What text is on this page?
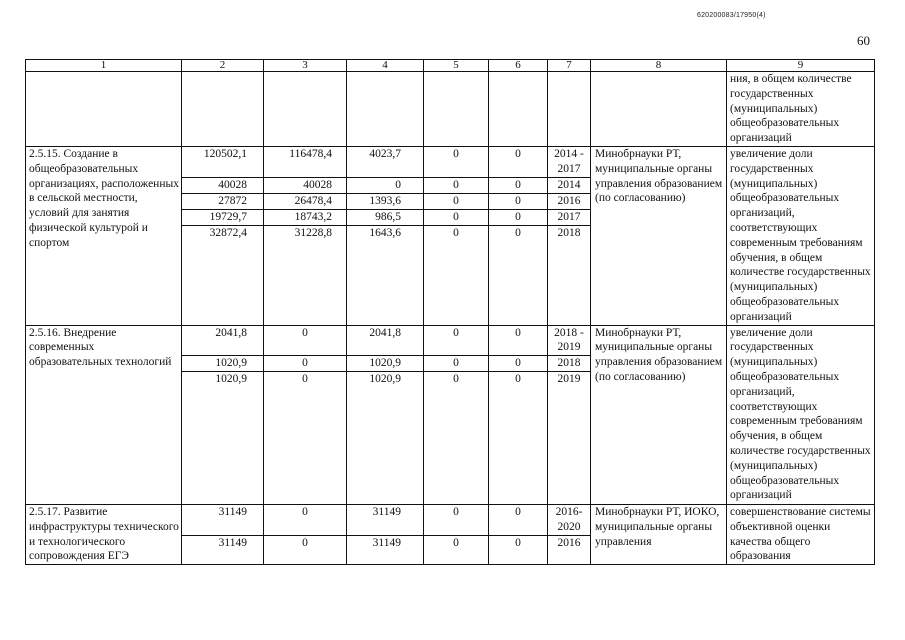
620200083/17950(4)
60
1	2	3	4	5	6	7	8	9
								ния, в общем количестве государственных (муниципальных) общеобразовательных организаций
2.5.15. Создание в общеобразовательных организациях, расположенных в сельской местности, условий для занятия физической культурой и спортом	120502,1	116478,4	4023,7	0	0	2014 - 2017	Минобрнауки РТ, муниципальные органы управления образованием (по согласованию)	увеличение доли государственных (муниципальных) общеобразовательных организаций, соответствующих современным требованиям обучения, в общем количестве государственных (муниципальных) общеобразовательных организаций
	40028	40028	0	0	0	2014		
	27872	26478,4	1393,6	0	0	2016		
	19729,7	18743,2	986,5	0	0	2017		
	32872,4	31228,8	1643,6	0	0	2018		
2.5.16. Внедрение современных образовательных технологий	2041,8	0	2041,8	0	0	2018 - 2019	Минобрнауки РТ, муниципальные органы управления образованием (по согласованию)	увеличение доли государственных (муниципальных) общеобразовательных организаций, соответствующих современным требованиям обучения, в общем количестве государственных (муниципальных) общеобразовательных организаций
	1020,9	0	1020,9	0	0	2018		
	1020,9	0	1020,9	0	0	2019		
2.5.17. Развитие инфраструктуры технического и технологического сопровождения ЕГЭ	31149	0	31149	0	0	2016-2020	Минобрнауки РТ, ИОКО, муниципальные органы управления	совершенствование системы объективной оценки качества общего образования
	31149	0	31149	0	0	2016		
